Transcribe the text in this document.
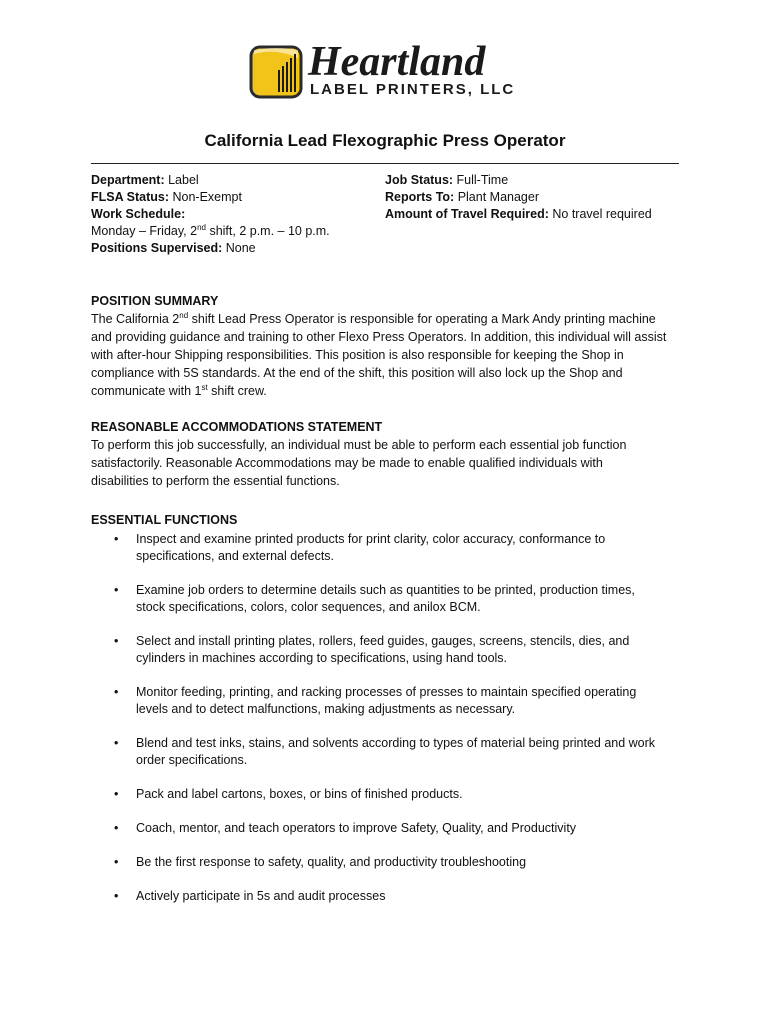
Heartland
LABEL PRINTERS, LLC
California Lead Flexographic Press Operator
Department: Label
FLSA Status: Non-Exempt
Work Schedule:
Monday – Friday, 2nd shift, 2 p.m. – 10 p.m.
Positions Supervised: None
Job Status: Full-Time
Reports To: Plant Manager
Amount of Travel Required: No travel required
POSITION SUMMARY
The California 2nd shift Lead Press Operator is responsible for operating a Mark Andy printing machine
and providing guidance and training to other Flexo Press Operators. In addition, this individual will assist
with after-hour Shipping responsibilities. This position is also responsible for keeping the Shop in
compliance with 5S standards. At the end of the shift, this position will also lock up the Shop and
communicate with 1st shift crew.
REASONABLE ACCOMMODATIONS STATEMENT
To perform this job successfully, an individual must be able to perform each essential job function
satisfactorily. Reasonable Accommodations may be made to enable qualified individuals with
disabilities to perform the essential functions.
ESSENTIAL FUNCTIONS
• Inspect and examine printed products for print clarity, color accuracy, conformance to
specifications, and external defects.
• Examine job orders to determine details such as quantities to be printed, production times,
stock specifications, colors, color sequences, and anilox BCM.
• Select and install printing plates, rollers, feed guides, gauges, screens, stencils, dies, and
cylinders in machines according to specifications, using hand tools.
• Monitor feeding, printing, and racking processes of presses to maintain specified operating
levels and to detect malfunctions, making adjustments as necessary.
• Blend and test inks, stains, and solvents according to types of material being printed and work
order specifications.
• Pack and label cartons, boxes, or bins of finished products.
• Coach, mentor, and teach operators to improve Safety, Quality, and Productivity
• Be the first response to safety, quality, and productivity troubleshooting
• Actively participate in 5s and audit processes
